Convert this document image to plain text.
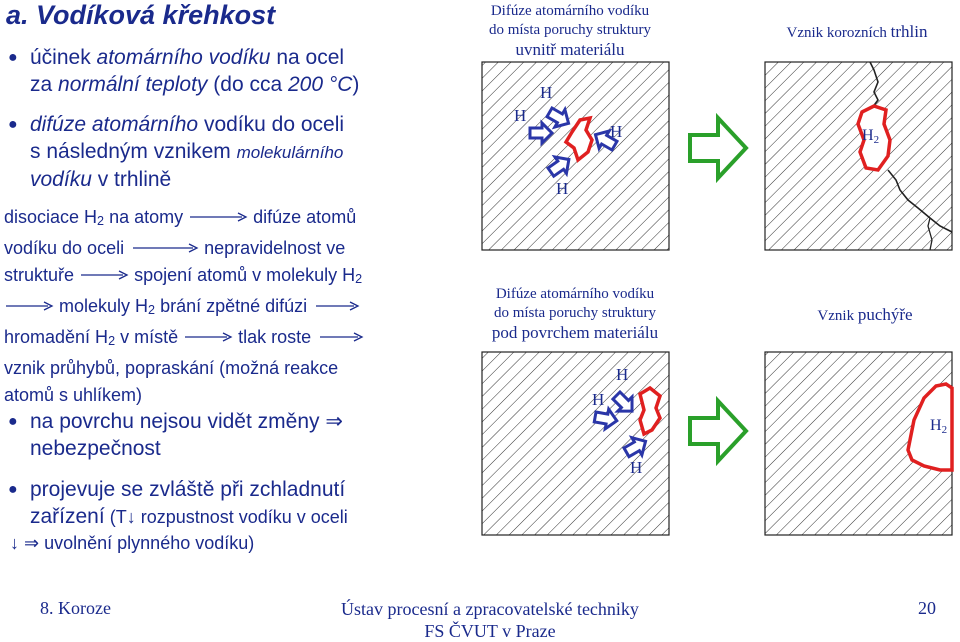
a. Vodíková křehkost
● účinek atomárního vodíku na ocel
za normální teploty (do cca 200 °C)
● difúze atomárního vodíku do oceli
s následným vznikem molekulárního
vodíku v trhlině
disociace $H_2$ na atomy	difúze atomů
vodíku do oceli	nepravidelnost ve
struktuře	spojení atomů v molekuly $H_2$
molekuly $H_2$ brání zpětné difúzi
hromadění $H_2$ v místě	tlak roste
vznik průhybů, popraskání (možná reakce
atomů s uhlíkem)
● na povrchu nejsou vidět změny ⇒
nebezpečnost
● projevuje se zvláště při zchladnutí
zařízení (T↓ rozpustnost vodíku v oceli

↓ ⇒ uvolnění plynného vodíku)
Difúze atomárního vodíku
do místa poruchy struktury
uvnitř materiálu
Vznik korozních trhlin
Difúze atomárního vodíku
do místa poruchy struktury
pod povrchem materiálu
Vznik puchýře
H
H
H
H
H
H
H
H2
H2
8. Koroze	Ústav procesní a zpracovatelské techniky
FS ČVUT v Praze
20
